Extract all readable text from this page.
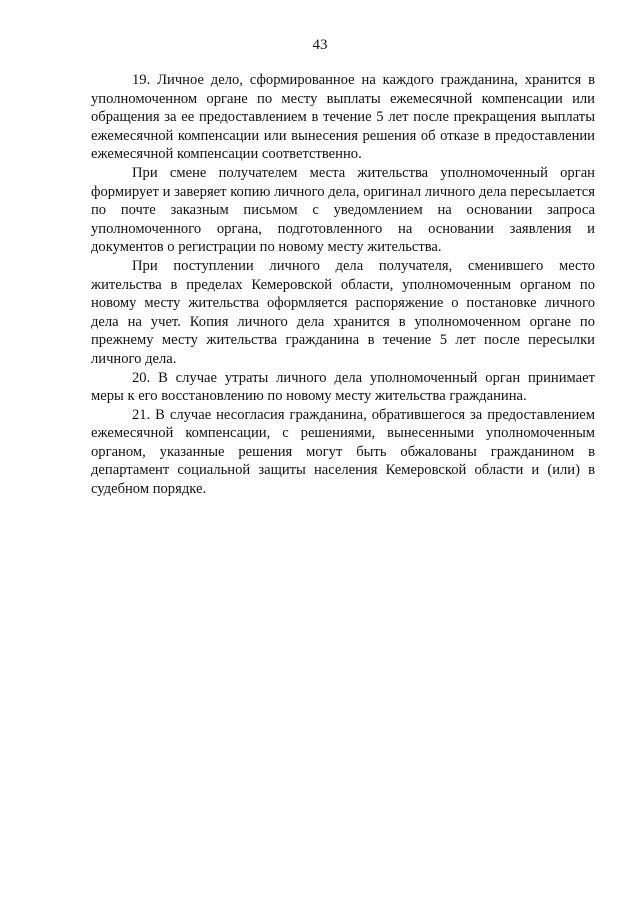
43

19. Личное дело, сформированное на каждого гражданина, хранится в уполномоченном органе по месту выплаты ежемесячной компенсации или обращения за ее предоставлением в течение 5 лет после прекращения выплаты ежемесячной компенсации или вынесения решения об отказе в предоставлении ежемесячной компенсации соответственно.

При смене получателем места жительства уполномоченный орган формирует и заверяет копию личного дела, оригинал личного дела пересылается по почте заказным письмом с уведомлением на основании запроса уполномоченного органа, подготовленного на основании заявления и документов о регистрации по новому месту жительства.

При поступлении личного дела получателя, сменившего место жительства в пределах Кемеровской области, уполномоченным органом по новому месту жительства оформляется распоряжение о постановке личного дела на учет. Копия личного дела хранится в уполномоченном органе по прежнему месту жительства гражданина в течение 5 лет после пересылки личного дела.

20. В случае утраты личного дела уполномоченный орган принимает меры к его восстановлению по новому месту жительства гражданина.

21. В случае несогласия гражданина, обратившегося за предоставлением ежемесячной компенсации, с решениями, вынесенными уполномоченным органом, указанные решения могут быть обжалованы гражданином в департамент социальной защиты населения Кемеровской области и (или) в судебном порядке.
